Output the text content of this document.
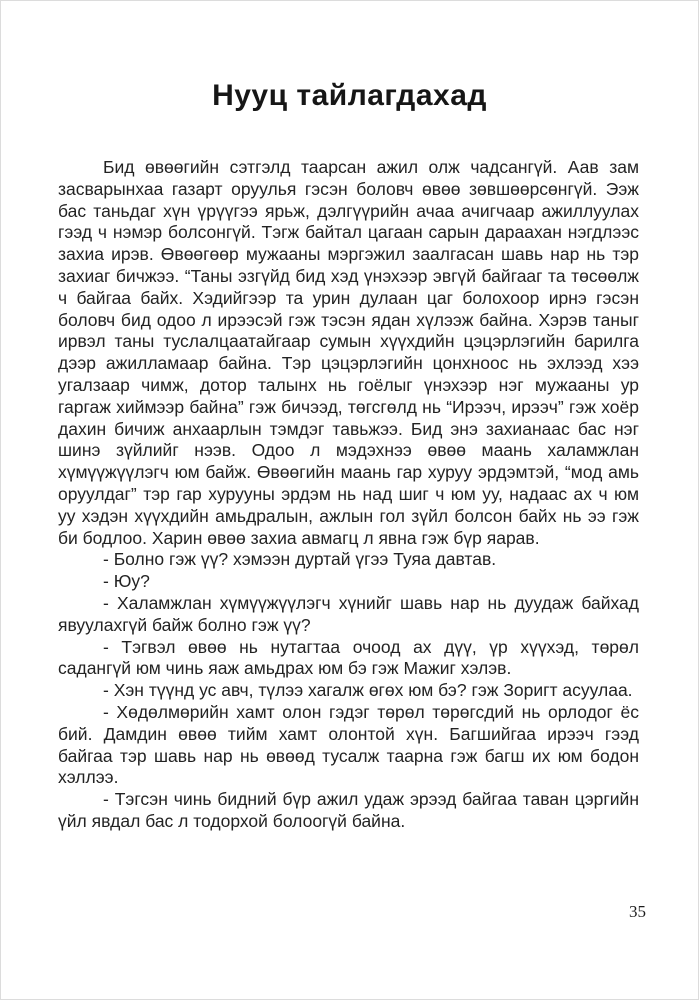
Нууц тайлагдахад

Бид өвөөгийн сэтгэлд таарсан ажил олж чадсангүй. Аав зам засварынхаа газарт оруулья гэсэн боловч өвөө зөвшөөрсөнгүй. Ээж бас таньдаг хүн үрүүгээ ярьж, дэлгүүрийн ачаа ачигчаар ажиллуулах гээд ч нэмэр болсонгүй. Тэгж байтал цагаан сарын дараахан нэгдлээс захиа ирэв. Өвөөгөөр мужааны мэргэжил заалгасан шавь нар нь тэр захиаг бичжээ. “Таны эзгүйд бид хэд үнэхээр эвгүй байгааг та төсөөлж ч байгаа байх. Хэдийгээр та урин дулаан цаг болохоор ирнэ гэсэн боловч бид одоо л ирээсэй гэж тэсэн ядан хүлээж байна. Хэрэв таныг ирвэл таны туслалцаатайгаар сумын хүүхдийн цэцэрлэгийн барилга дээр ажилламаар байна. Тэр цэцэрлэгийн цонхноос нь эхлээд хээ угалзаар чимж, дотор талынх нь гоёлыг үнэхээр нэг мужааны ур гаргаж хиймээр байна” гэж бичээд, төгсгөлд нь “Ирээч, ирээч” гэж хоёр дахин бичиж анхаарлын тэмдэг тавьжээ. Бид энэ захианаас бас нэг шинэ зүйлийг нээв. Одоо л мэдэхнээ өвөө маань халамжлан хүмүүжүүлэгч юм байж. Өвөөгийн маань гар хуруу эрдэмтэй, “мод амь оруулдаг” тэр гар хурууны эрдэм нь над шиг ч юм уу, надаас ах ч юм уу хэдэн хүүхдийн амьдралын, ажлын гол зүйл болсон байх нь ээ гэж би бодлоо. Харин өвөө захиа авмагц л явна гэж бүр яарав.

- Болно гэж үү? хэмээн дуртай үгээ Туяа давтав.

- Юу?

- Халамжлан хүмүүжүүлэгч хүнийг шавь нар нь дуудаж байхад явуулахгүй байж болно гэж үү?

- Тэгвэл өвөө нь нутагтаа очоод ах дүү, үр хүүхэд, төрөл садангүй юм чинь яаж амьдрах юм бэ гэж Мажиг хэлэв.

- Хэн түүнд ус авч, түлээ хагалж өгөх юм бэ? гэж Зоригт асуулаа.

- Хөдөлмөрийн хамт олон гэдэг төрөл төрөгсдий нь орлодог ёс бий. Дамдин өвөө тийм хамт олонтой хүн. Багшийгаа ирээч гээд байгаа тэр шавь нар нь өвөөд тусалж таарна гэж багш их юм бодон хэллээ.

- Тэгсэн чинь бидний бүр ажил удаж эрээд байгаа таван цэргийн үйл явдал бас л тодорхой болоогүй байна.

35
